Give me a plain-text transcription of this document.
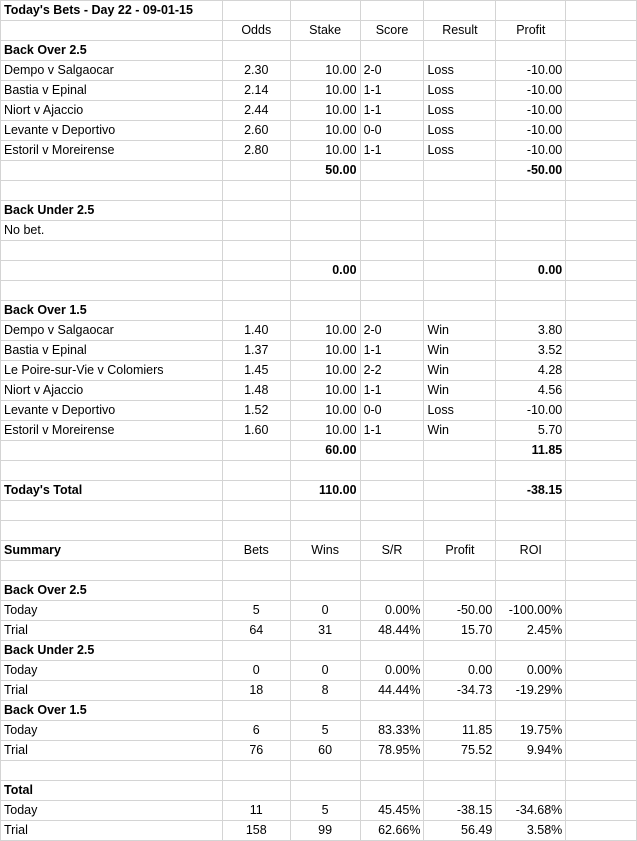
Today's Bets - Day 22 - 09-01-15						
	Odds	Stake	Score	Result	Profit	
Back Over 2.5						
Dempo v Salgaocar	2.30	10.00	2-0	Loss	-10.00	
Bastia v Epinal	2.14	10.00	1-1	Loss	-10.00	
Niort v Ajaccio	2.44	10.00	1-1	Loss	-10.00	
Levante v Deportivo	2.60	10.00	0-0	Loss	-10.00	
Estoril v Moreirense	2.80	10.00	1-1	Loss	-10.00	
		50.00			-50.00	

Back Under 2.5						
No bet.						

		0.00			0.00	

Back Over 1.5						
Dempo v Salgaocar	1.40	10.00	2-0	Win	3.80	
Bastia v Epinal	1.37	10.00	1-1	Win	3.52	
Le Poire-sur-Vie v Colomiers	1.45	10.00	2-2	Win	4.28	
Niort v Ajaccio	1.48	10.00	1-1	Win	4.56	
Levante v Deportivo	1.52	10.00	0-0	Loss	-10.00	
Estoril v Moreirense	1.60	10.00	1-1	Win	5.70	
		60.00			11.85	

Today's Total		110.00			-38.15	

Summary	Bets	Wins	S/R	Profit	ROI	

Back Over 2.5						
Today	5	0	0.00%	-50.00	-100.00%	
Trial	64	31	48.44%	15.70	2.45%	
Back Under 2.5						
Today	0	0	0.00%	0.00	0.00%	
Trial	18	8	44.44%	-34.73	-19.29%	
Back Over 1.5						
Today	6	5	83.33%	11.85	19.75%	
Trial	76	60	78.95%	75.52	9.94%	

Total						
Today	11	5	45.45%	-38.15	-34.68%	
Trial	158	99	62.66%	56.49	3.58%	
